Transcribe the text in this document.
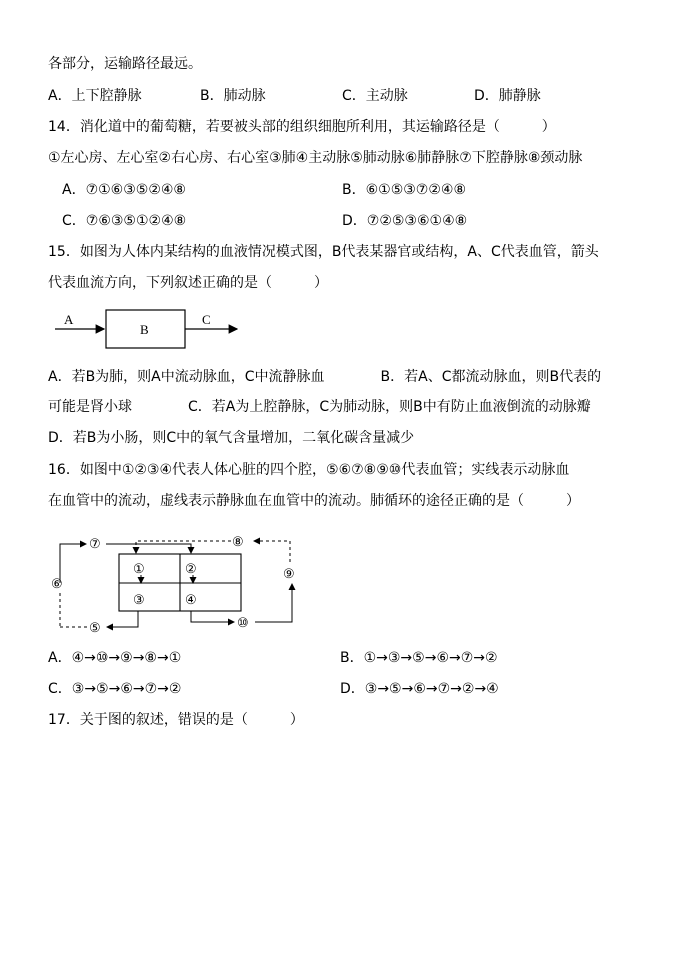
各部分，运输路径最远。
A．上下腔静脉	B．肺动脉	C．主动脉	D．肺静脉
14．消化道中的葡萄糖，若要被头部的组织细胞所利用，其运输路径是（　　　）
①左心房、左心室②右心房、右心室③肺④主动脉⑤肺动脉⑥肺静脉⑦下腔静脉⑧颈动脉
A．⑦①⑥③⑤②④⑧	B．⑥①⑤③⑦②④⑧
C．⑦⑥③⑤①②④⑧	D．⑦②⑤③⑥①④⑧
15．如图为人体内某结构的血液情况模式图，B代表某器官或结构，A、C代表血管，箭头
代表血流方向，下列叙述正确的是（　　　）
A
B
C
A．若B为肺，则A中流动脉血，C中流静脉血　　　　B．若A、C都流动脉血，则B代表的
可能是肾小球　　　　C．若A为上腔静脉，C为肺动脉，则B中有防止血液倒流的动脉瓣
D．若B为小肠，则C中的氧气含量增加，二氧化碳含量减少
16．如图中①②③④代表人体心脏的四个腔，⑤⑥⑦⑧⑨⑩代表血管；实线表示动脉血
在血管中的流动，虚线表示静脉血在血管中的流动。肺循环的途径正确的是（　　　）
①	②
③	④
⑦
⑥
⑤
⑧
⑨
⑩
A．④→⑩→⑨→⑧→①	B．①→③→⑤→⑥→⑦→②
C．③→⑤→⑥→⑦→②	D．③→⑤→⑥→⑦→②→④
17．关于图的叙述，错误的是（　　　）
